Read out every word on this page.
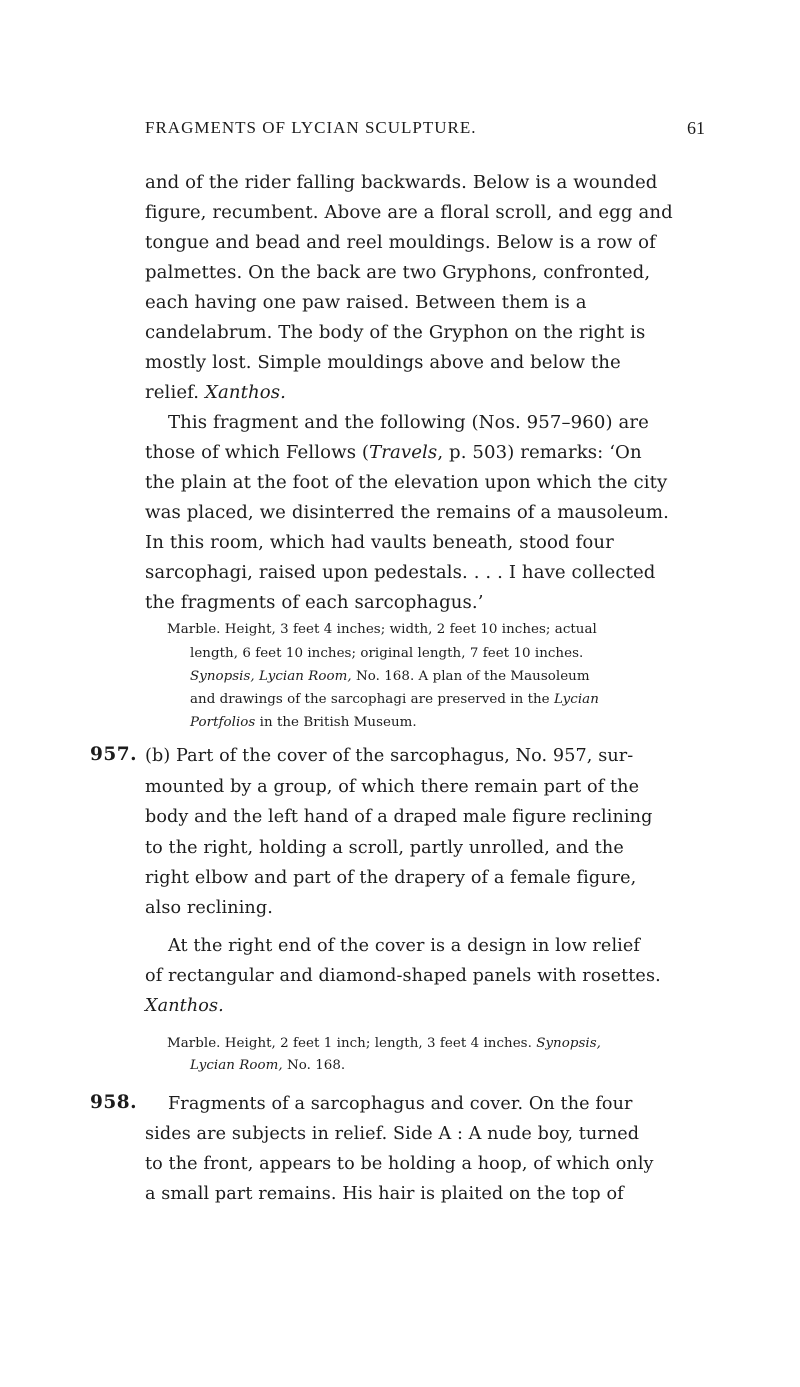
FRAGMENTS OF LYCIAN SCULPTURE.	61
and of the rider falling backwards. Below is a wounded
figure, recumbent. Above are a floral scroll, and egg and
tongue and bead and reel mouldings. Below is a row of
palmettes. On the back are two Gryphons, confronted,
each having one paw raised. Between them is a
candelabrum. The body of the Gryphon on the right is
mostly lost. Simple mouldings above and below the
relief. Xanthos.
This fragment and the following (Nos. 957–960) are
those of which Fellows (Travels, p. 503) remarks: ‘On
the plain at the foot of the elevation upon which the city
was placed, we disinterred the remains of a mausoleum.
In this room, which had vaults beneath, stood four
sarcophagi, raised upon pedestals. . . . I have collected
the fragments of each sarcophagus.’
Marble. Height, 3 feet 4 inches; width, 2 feet 10 inches; actual
length, 6 feet 10 inches; original length, 7 feet 10 inches.
Synopsis, Lycian Room, No. 168. A plan of the Mausoleum
and drawings of the sarcophagi are preserved in the Lycian
Portfolios in the British Museum.
957. (b) Part of the cover of the sarcophagus, No. 957, sur-
mounted by a group, of which there remain part of the
body and the left hand of a draped male figure reclining
to the right, holding a scroll, partly unrolled, and the
right elbow and part of the drapery of a female figure,
also reclining.
At the right end of the cover is a design in low relief
of rectangular and diamond-shaped panels with rosettes.
Xanthos.
Marble. Height, 2 feet 1 inch; length, 3 feet 4 inches. Synopsis,
Lycian Room, No. 168.
958. Fragments of a sarcophagus and cover. On the four
sides are subjects in relief. Side A : A nude boy, turned
to the front, appears to be holding a hoop, of which only
a small part remains. His hair is plaited on the top of
